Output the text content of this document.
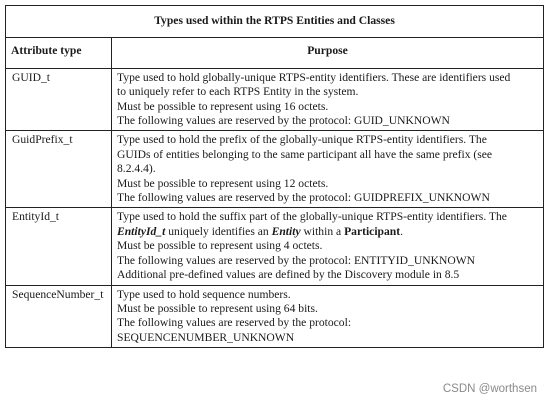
Types used within the RTPS Entities and Classes	
Attribute type	Purpose
GUID_t	Type used to hold globally-unique RTPS-entity identifiers. These are identifiers used
to uniquely refer to each RTPS Entity in the system.
Must be possible to represent using 16 octets.
The following values are reserved by the protocol: GUID_UNKNOWN

GuidPrefix_t	Type used to hold the prefix of the globally-unique RTPS-entity identifiers. The
GUIDs of entities belonging to the same participant all have the same prefix (see
8.2.4.4).
Must be possible to represent using 12 octets.
The following values are reserved by the protocol: GUIDPREFIX_UNKNOWN

EntityId_t	Type used to hold the suffix part of the globally-unique RTPS-entity identifiers. The
EntityId_t uniquely identifies an Entity within a Participant.
Must be possible to represent using 4 octets.
The following values are reserved by the protocol: ENTITYID_UNKNOWN
Additional pre-defined values are defined by the Discovery module in 8.5

SequenceNumber_t	Type used to hold sequence numbers.
Must be possible to represent using 64 bits.
The following values are reserved by the protocol:
SEQUENCENUMBER_UNKNOWN
CSDN @worthsen
